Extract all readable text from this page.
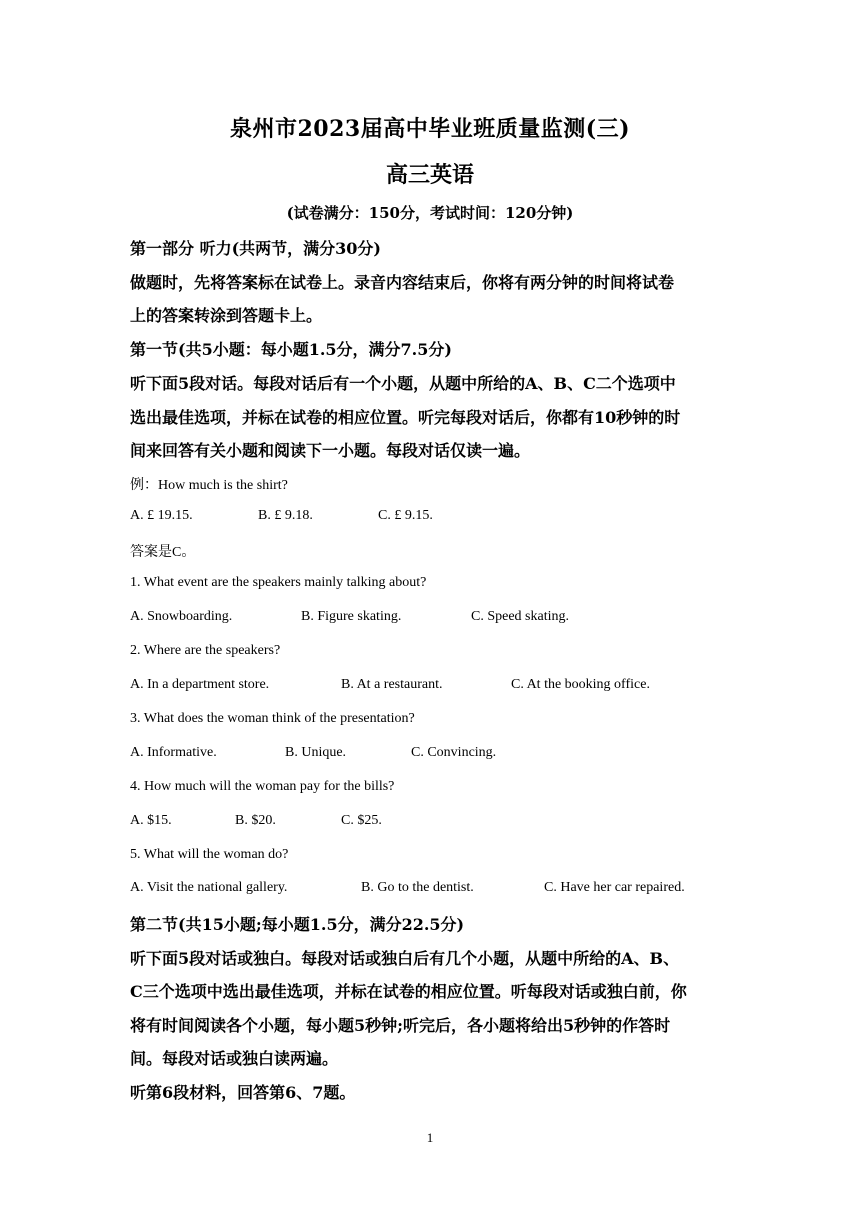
泉州市2023届高中毕业班质量监测(三)
高三英语
(试卷满分：150分，考试时间：120分钟)
第一部分 听力(共两节，满分30分)
做题时，先将答案标在试卷上。录音内容结束后，你将有两分钟的时间将试卷
上的答案转涂到答题卡上。
第一节(共5小题：每小题1.5分，满分7.5分)
听下面5段对话。每段对话后有一个小题，从题中所给的A、B、C二个选项中
选出最佳选项，并标在试卷的相应位置。听完每段对话后，你都有10秒钟的时
间来回答有关小题和阅读下一小题。每段对话仅读一遍。
例：How much is the shirt?
A. £ 19.15.	B. £ 9.18.	C. £ 9.15.
答案是C。
1. What event are the speakers mainly talking about?
A. Snowboarding.	B. Figure skating.	C. Speed skating.
2. Where are the speakers?
A. In a department store.	B. At a restaurant.	C. At the booking office.
3. What does the woman think of the presentation?
A. Informative.	B. Unique.	C. Convincing.
4. How much will the woman pay for the bills?
A. $15.	B. $20.	C. $25.
5. What will the woman do?
A. Visit the national gallery.	B. Go to the dentist.	C. Have her car repaired.
第二节(共15小题;每小题1.5分，满分22.5分)
听下面5段对话或独白。每段对话或独白后有几个小题，从题中所给的A、B、
C三个选项中选出最佳选项，并标在试卷的相应位置。听每段对话或独白前，你
将有时间阅读各个小题，每小题5秒钟;听完后，各小题将给出5秒钟的作答时
间。每段对话或独白读两遍。
听第6段材料，回答第6、7题。
1
